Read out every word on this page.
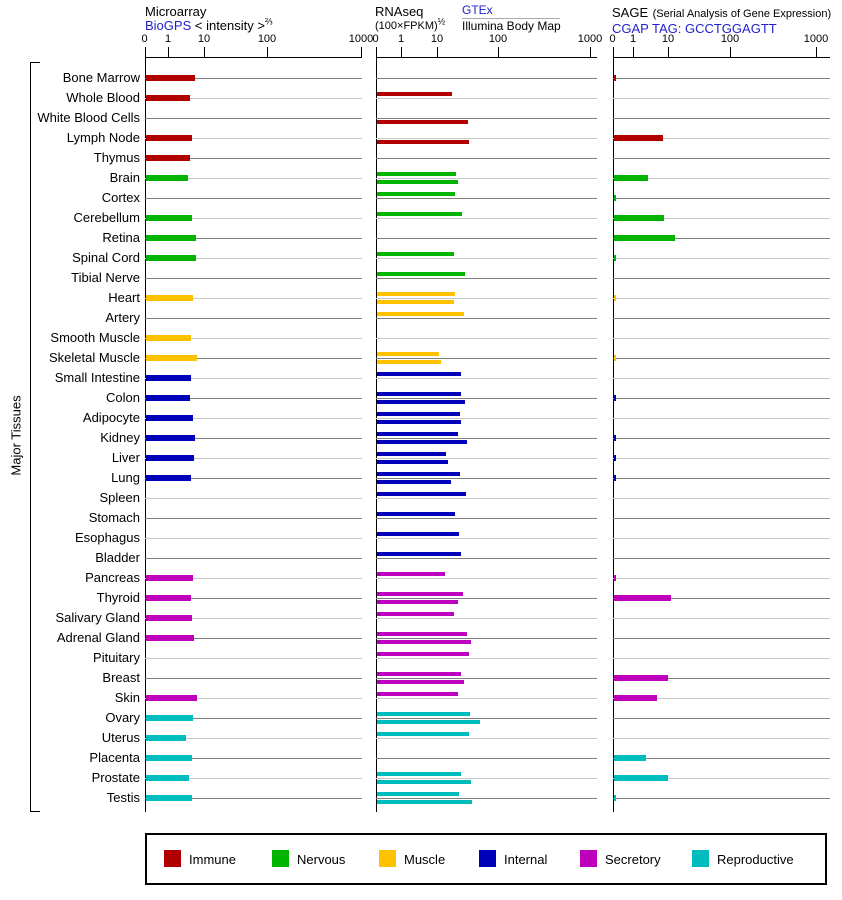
Major Tissues
Microarray
BioGPS < intensity >$^{\frac{2}{3}}$
RNAseq
(100×FPKM)$^{\frac{1}{2}}$
GTEx
Illumina Body Map
SAGE (Serial Analysis of Gene Expression)
CGAP TAG: GCCTGGAGTT
0	1	10	100	1000 0	1	10	100	1000 0	1	10	100	1000
Bone Marrow
Whole Blood
White Blood Cells
Lymph Node
Thymus
Brain
Cortex
Cerebellum
Retina
Spinal Cord
Tibial Nerve
Heart
Artery
Smooth Muscle
Skeletal Muscle
Small Intestine
Colon
Adipocyte
Kidney
Liver
Lung
Spleen
Stomach
Esophagus
Bladder
Pancreas
Thyroid
Salivary Gland
Adrenal Gland
Pituitary
Breast
Skin
Ovary
Uterus
Placenta
Prostate
Testis
Immune	Nervous	Muscle	Internal	Secretory	Reproductive
